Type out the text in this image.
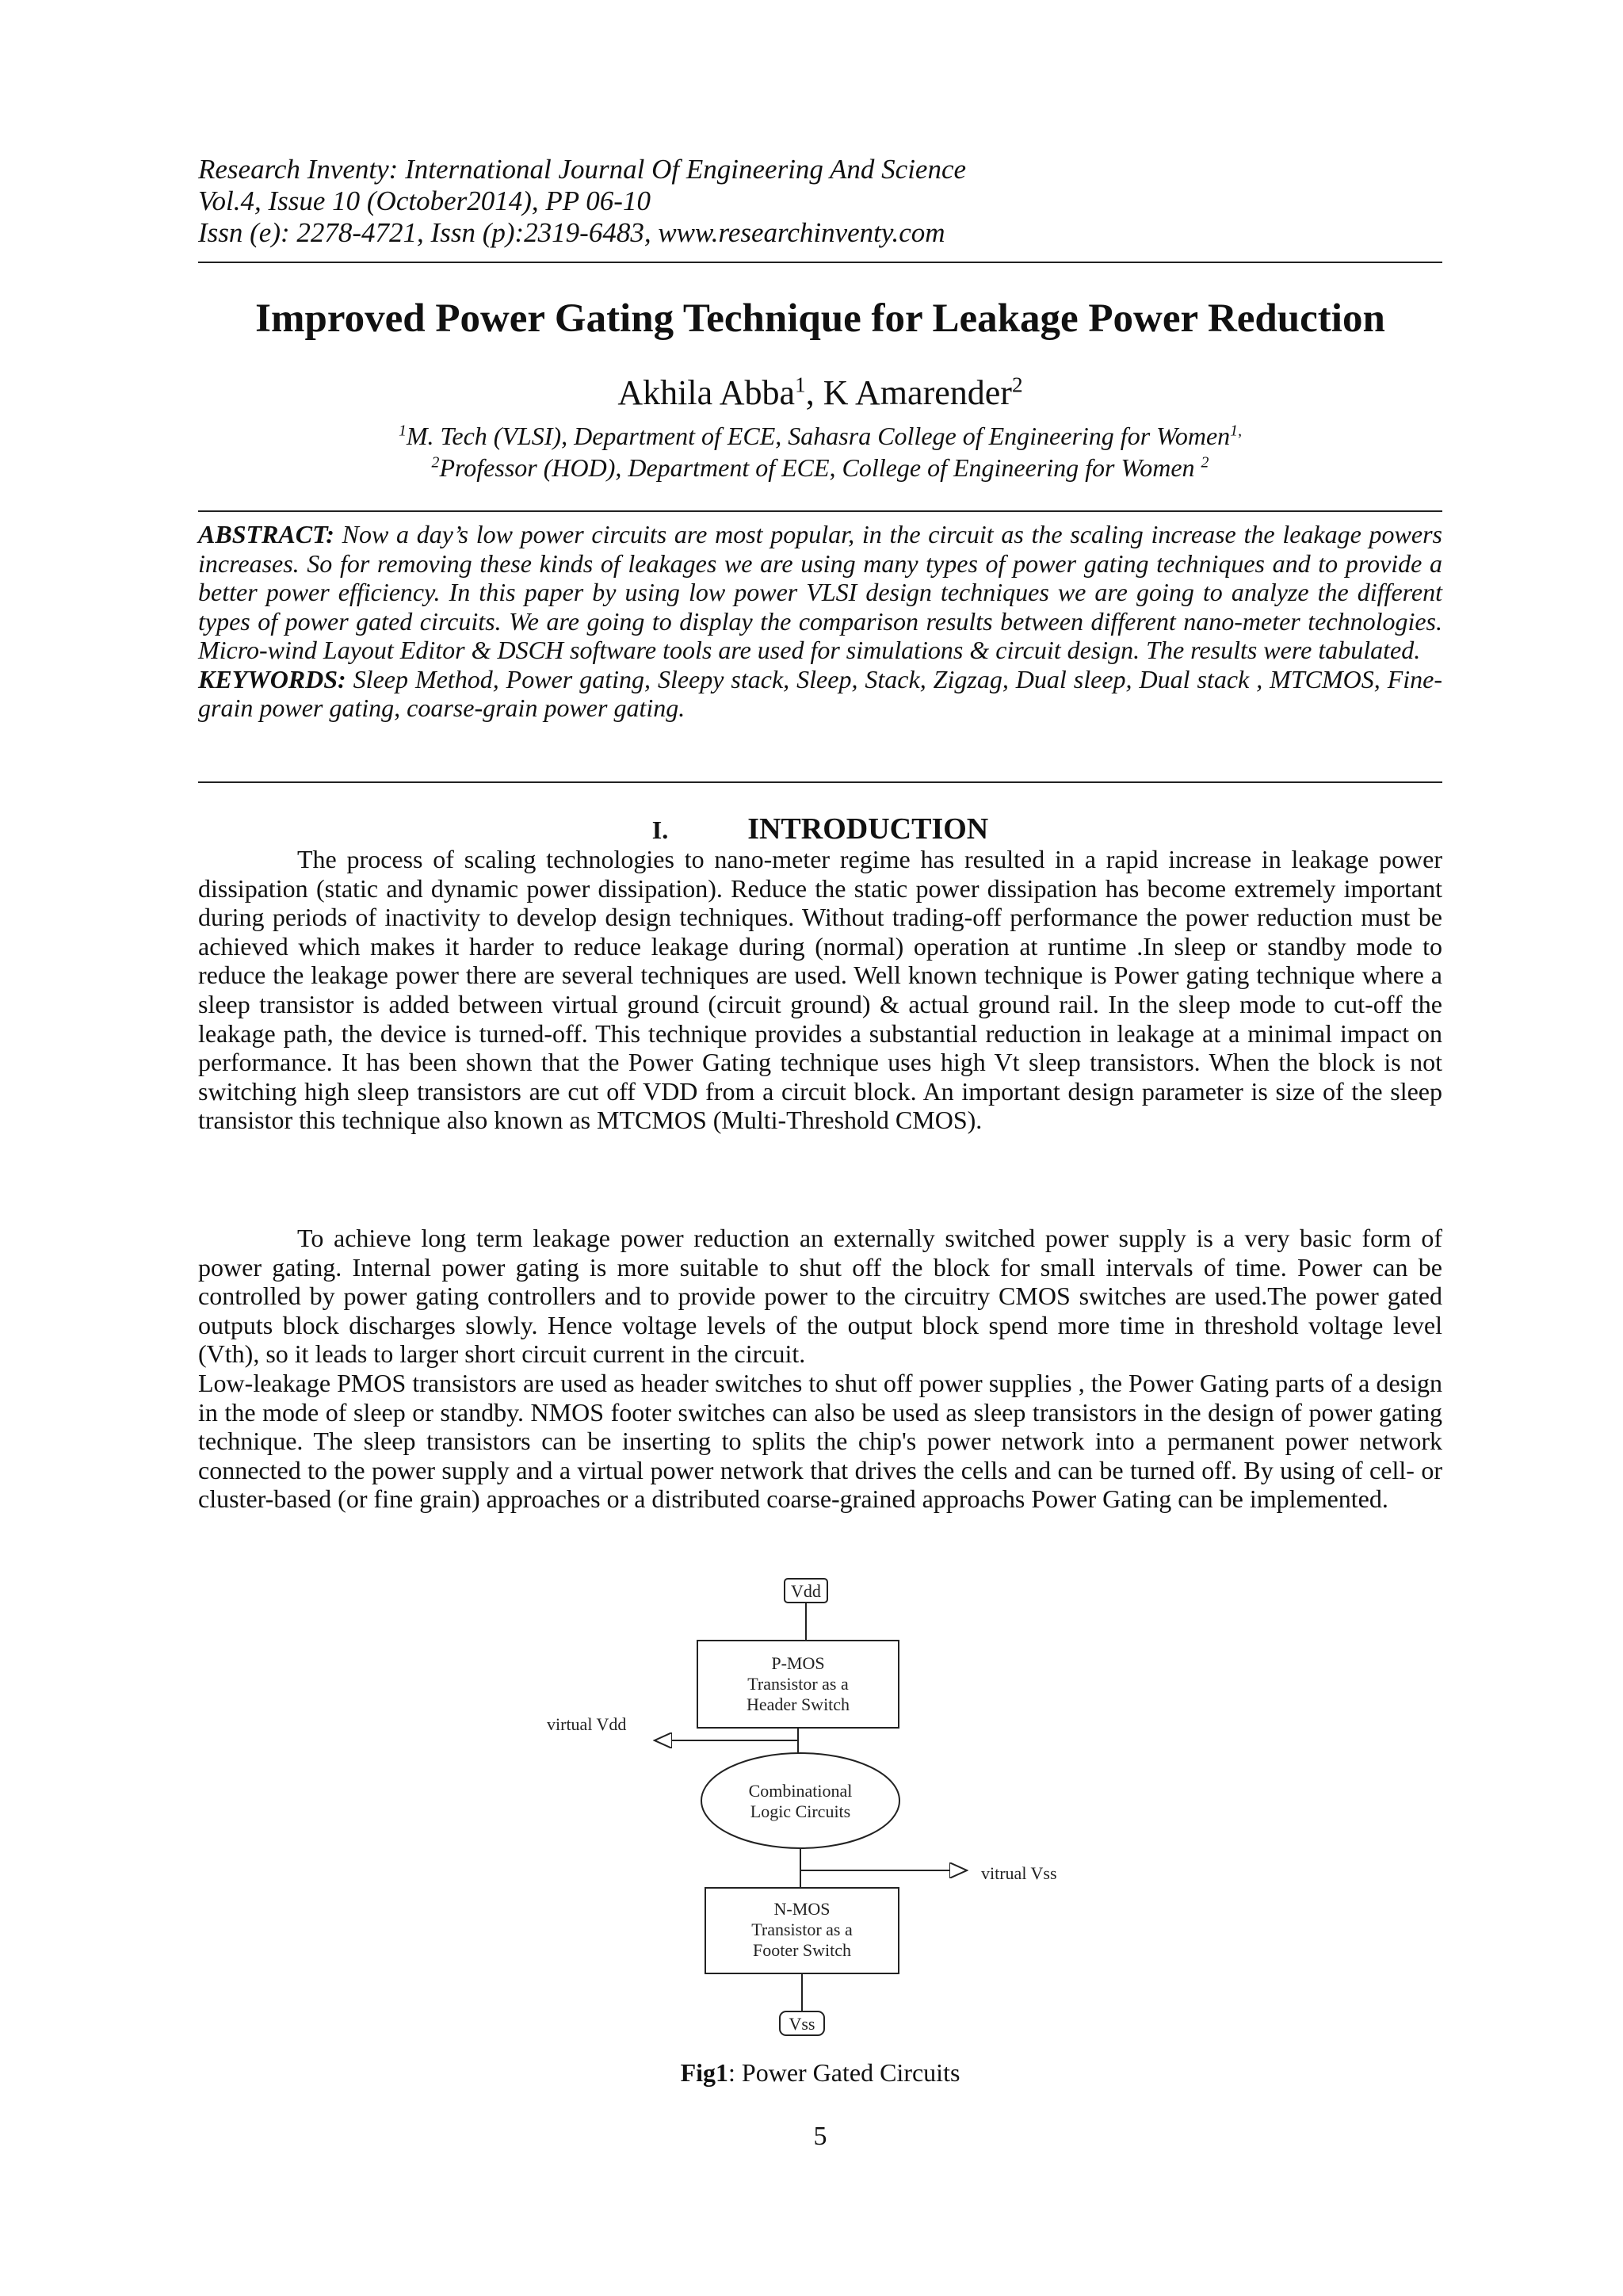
Research Inventy: International Journal Of Engineering And Science
Vol.4, Issue 10 (October2014), PP 06-10
Issn (e): 2278-4721, Issn (p):2319-6483, www.researchinventy.com
Improved Power Gating Technique for Leakage Power Reduction
Akhila Abba$^1$, K Amarender$^2$
$^1$M. Tech (VLSI), Department of ECE, Sahasra College of Engineering for Women$^{1,}$
$^2$Professor (HOD), Department of ECE, College of Engineering for Women $^2$
ABSTRACT: Now a day’s low power circuits are most popular, in the circuit as the scaling increase the leakage powers increases. So for removing these kinds of leakages we are using many types of power gating techniques and to provide a better power efficiency. In this paper by using low power VLSI design techniques we are going to analyze the different types of power gated circuits. We are going to display the comparison results between different nano-meter technologies. Micro-wind Layout Editor & DSCH software tools are used for simulations & circuit design. The results were tabulated.
KEYWORDS: Sleep Method, Power gating, Sleepy stack, Sleep, Stack, Zigzag, Dual sleep, Dual stack , MTCMOS, Fine-grain power gating, coarse-grain power gating.
I.	INTRODUCTION
The process of scaling technologies to nano-meter regime has resulted in a rapid increase in leakage power dissipation (static and dynamic power dissipation). Reduce the static power dissipation has become extremely important during periods of inactivity to develop design techniques. Without trading-off performance the power reduction must be achieved which makes it harder to reduce leakage during (normal) operation at runtime .In sleep or standby mode to reduce the leakage power there are several techniques are used. Well known technique is Power gating technique where a sleep transistor is added between virtual ground (circuit ground) & actual ground rail. In the sleep mode to cut-off the leakage path, the device is turned-off. This technique provides a substantial reduction in leakage at a minimal impact on performance. It has been shown that the Power Gating technique uses high Vt sleep transistors. When the block is not switching high sleep transistors are cut off VDD from a circuit block. An important design parameter is size of the sleep transistor this technique also known as MTCMOS (Multi-Threshold CMOS).

To achieve long term leakage power reduction an externally switched power supply is a very basic form of power gating. Internal power gating is more suitable to shut off the block for small intervals of time. Power can be controlled by power gating controllers and to provide power to the circuitry CMOS switches are used.The power gated outputs block discharges slowly. Hence voltage levels of the output block spend more time in threshold voltage level (Vth), so it leads to larger short circuit current in the circuit.

Low-leakage PMOS transistors are used as header switches to shut off power supplies , the Power Gating parts of a design in the mode of sleep or standby. NMOS footer switches can also be used as sleep transistors in the design of power gating technique. The sleep transistors can be inserting to splits the chip's power network into a permanent power network connected to the power supply and a virtual power network that drives the cells and can be turned off. By using of cell- or cluster-based (or fine grain) approaches or a distributed coarse-grained approachs Power Gating can be implemented.

Vdd
P-MOS
Transistor as a
Header Switch
virtual Vdd
Combinational
Logic Circuits
vitrual Vss
N-MOS
Transistor as a
Footer Switch
Vss
Fig1: Power Gated Circuits
5
